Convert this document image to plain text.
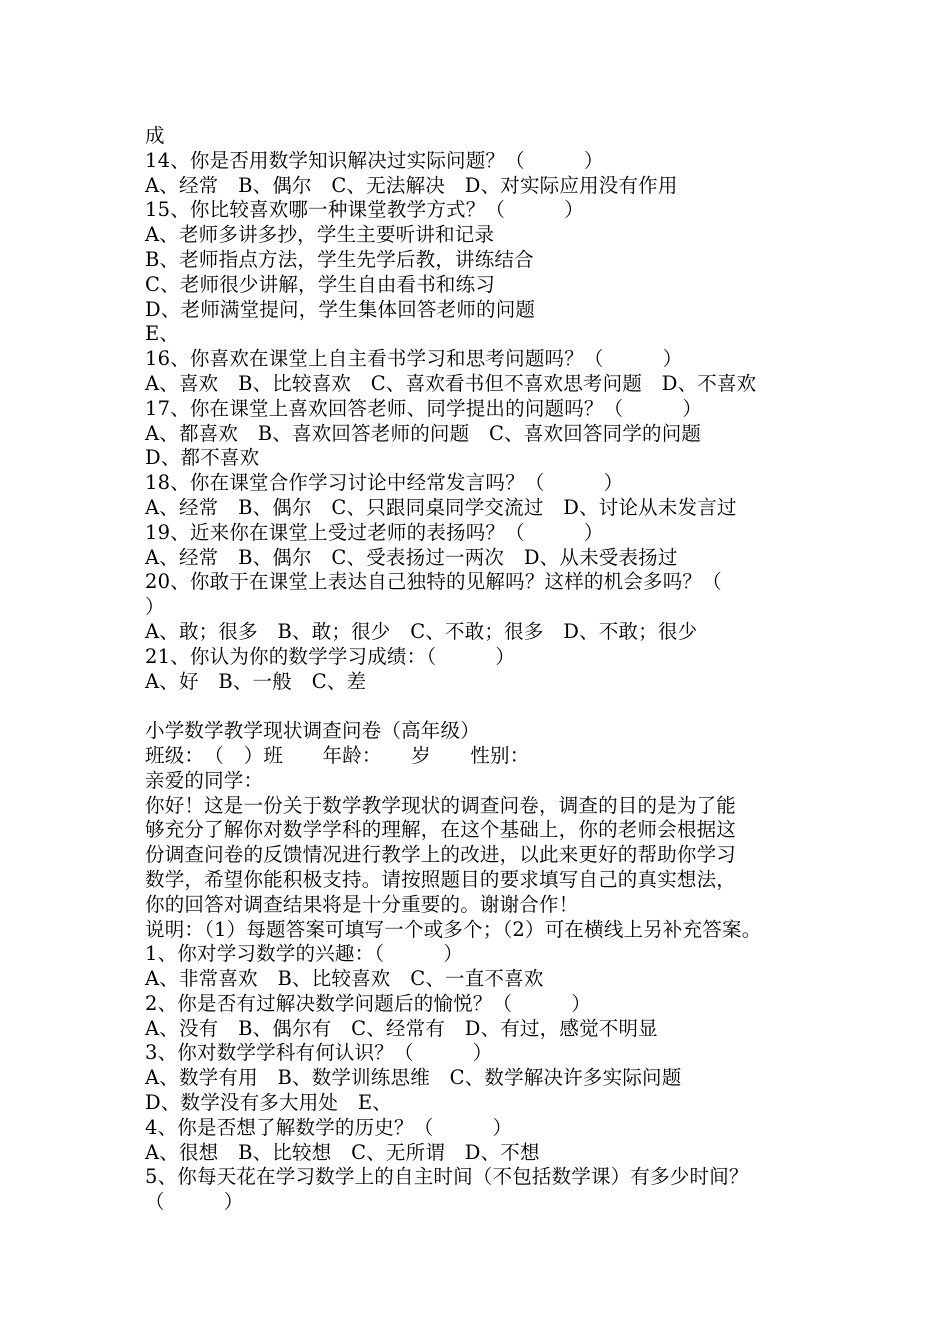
成
14、你是否用数学知识解决过实际问题？（　　　）
A、经常　B、偶尔　C、无法解决　D、对实际应用没有作用
15、你比较喜欢哪一种课堂教学方式？（　　　）
A、老师多讲多抄，学生主要听讲和记录
B、老师指点方法，学生先学后教，讲练结合
C、老师很少讲解，学生自由看书和练习
D、老师满堂提问，学生集体回答老师的问题
E、
16、你喜欢在课堂上自主看书学习和思考问题吗？（　　　）
A、喜欢　B、比较喜欢　C、喜欢看书但不喜欢思考问题　D、不喜欢
17、你在课堂上喜欢回答老师、同学提出的问题吗？（　　　）
A、都喜欢　B、喜欢回答老师的问题　C、喜欢回答同学的问题
D、都不喜欢
18、你在课堂合作学习讨论中经常发言吗？（　　　）
A、经常　B、偶尔　C、只跟同桌同学交流过　D、讨论从未发言过
19、近来你在课堂上受过老师的表扬吗？（　　　）
A、经常　B、偶尔　C、受表扬过一两次　D、从未受表扬过
20、你敢于在课堂上表达自己独特的见解吗？这样的机会多吗？（
）
A、敢；很多　B、敢；很少　C、不敢；很多　D、不敢；很少
21、你认为你的数学学习成绩：（　　　）
A、好　B、一般　C、差
小学数学教学现状调查问卷（高年级）
班级：　（　）班　　年龄：　　岁　　性别：
亲爱的同学：
你好！这是一份关于数学教学现状的调查问卷，调查的目的是为了能
够充分了解你对数学学科的理解，在这个基础上，你的老师会根据这
份调查问卷的反馈情况进行教学上的改进，以此来更好的帮助你学习
数学，希望你能积极支持。请按照题目的要求填写自己的真实想法，
你的回答对调查结果将是十分重要的。谢谢合作！
说明：（1）每题答案可填写一个或多个；（2）可在横线上另补充答案。
1、你对学习数学的兴趣：（　　　）
A、非常喜欢　B、比较喜欢　C、一直不喜欢
2、你是否有过解决数学问题后的愉悦？（　　　）
A、没有　B、偶尔有　C、经常有　D、有过，感觉不明显
3、你对数学学科有何认识？（　　　）
A、数学有用　B、数学训练思维　C、数学解决许多实际问题
D、数学没有多大用处　E、
4、你是否想了解数学的历史？（　　　）
A、很想　B、比较想　C、无所谓　D、不想
5、你每天花在学习数学上的自主时间（不包括数学课）有多少时间？
（　　　）
